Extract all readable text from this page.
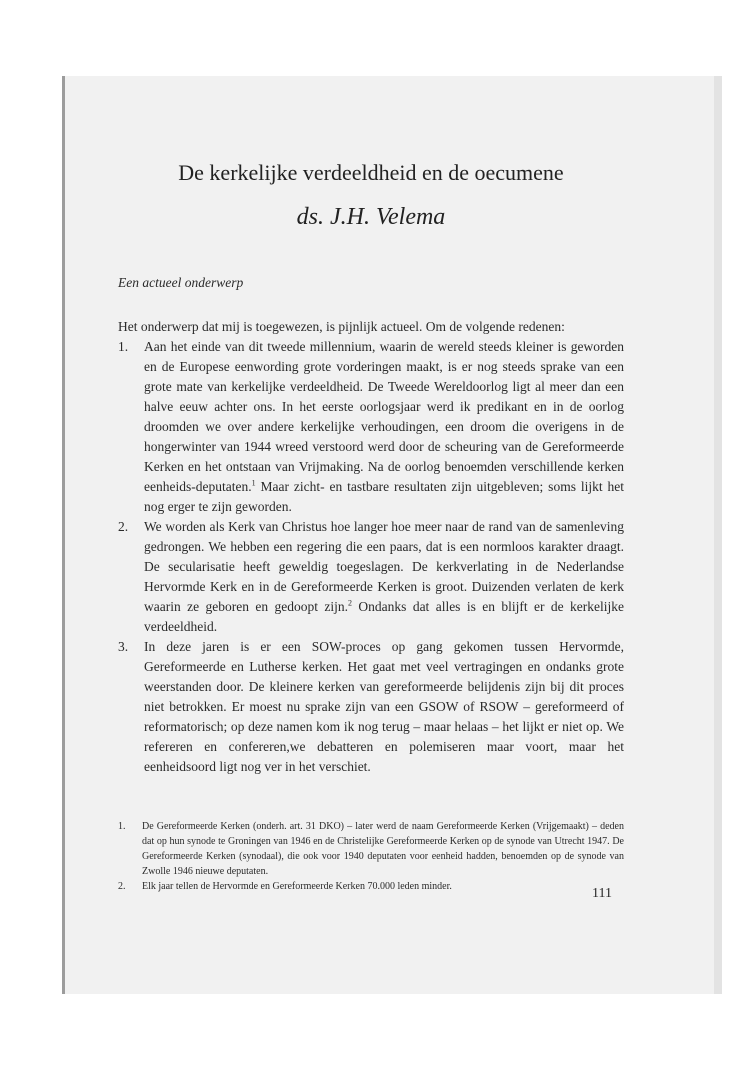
De kerkelijke verdeeldheid en de oecumene
ds. J.H. Velema
Een actueel onderwerp

Het onderwerp dat mij is toegewezen, is pijnlijk actueel. Om de volgende redenen:

1. Aan het einde van dit tweede millennium, waarin de wereld steeds kleiner is geworden en de Europese eenwording grote vorderingen maakt, is er nog steeds sprake van een grote mate van kerkelijke verdeeldheid. De Tweede Wereldoorlog ligt al meer dan een halve eeuw achter ons. In het eerste oorlogsjaar werd ik predikant en in de oorlog droomden we over andere kerkelijke verhoudingen, een droom die overigens in de hongerwinter van 1944 wreed verstoord werd door de scheuring van de Gereformeerde Kerken en het ontstaan van Vrijmaking. Na de oorlog benoemden verschillende kerken eenheids-deputaten.$^1$ Maar zicht- en tastbare resultaten zijn uitgebleven; soms lijkt het nog erger te zijn geworden.
2. We worden als Kerk van Christus hoe langer hoe meer naar de rand van de samenleving gedrongen. We hebben een regering die een paars, dat is een normloos karakter draagt. De secularisatie heeft geweldig toegeslagen. De kerkverlating in de Nederlandse Hervormde Kerk en in de Gereformeerde Kerken is groot. Duizenden verlaten de kerk waarin ze geboren en gedoopt zijn.$^2$ Ondanks dat alles is en blijft er de kerkelijke verdeeldheid.
3. In deze jaren is er een SOW-proces op gang gekomen tussen Hervormde, Gereformeerde en Lutherse kerken. Het gaat met veel vertragingen en ondanks grote weerstanden door. De kleinere kerken van gereformeerde belijdenis zijn bij dit proces niet betrokken. Er moest nu sprake zijn van een GSOW of RSOW – gereformeerd of reformatorisch; op deze namen kom ik nog terug – maar helaas – het lijkt er niet op. We refereren en confereren,we debatteren en polemiseren maar voort, maar het eenheidsoord ligt nog ver in het verschiet.
1. De Gereformeerde Kerken (onderh. art. 31 DKO) – later werd de naam Gereformeerde Kerken (Vrijgemaakt) – deden dat op hun synode te Groningen van 1946 en de Christelijke Gereformeerde Kerken op de synode van Utrecht 1947. De Gereformeerde Kerken (synodaal), die ook voor 1940 deputaten voor eenheid hadden, benoemden op de synode van Zwolle 1946 nieuwe deputaten.
2. Elk jaar tellen de Hervormde en Gereformeerde Kerken 70.000 leden minder.	111
